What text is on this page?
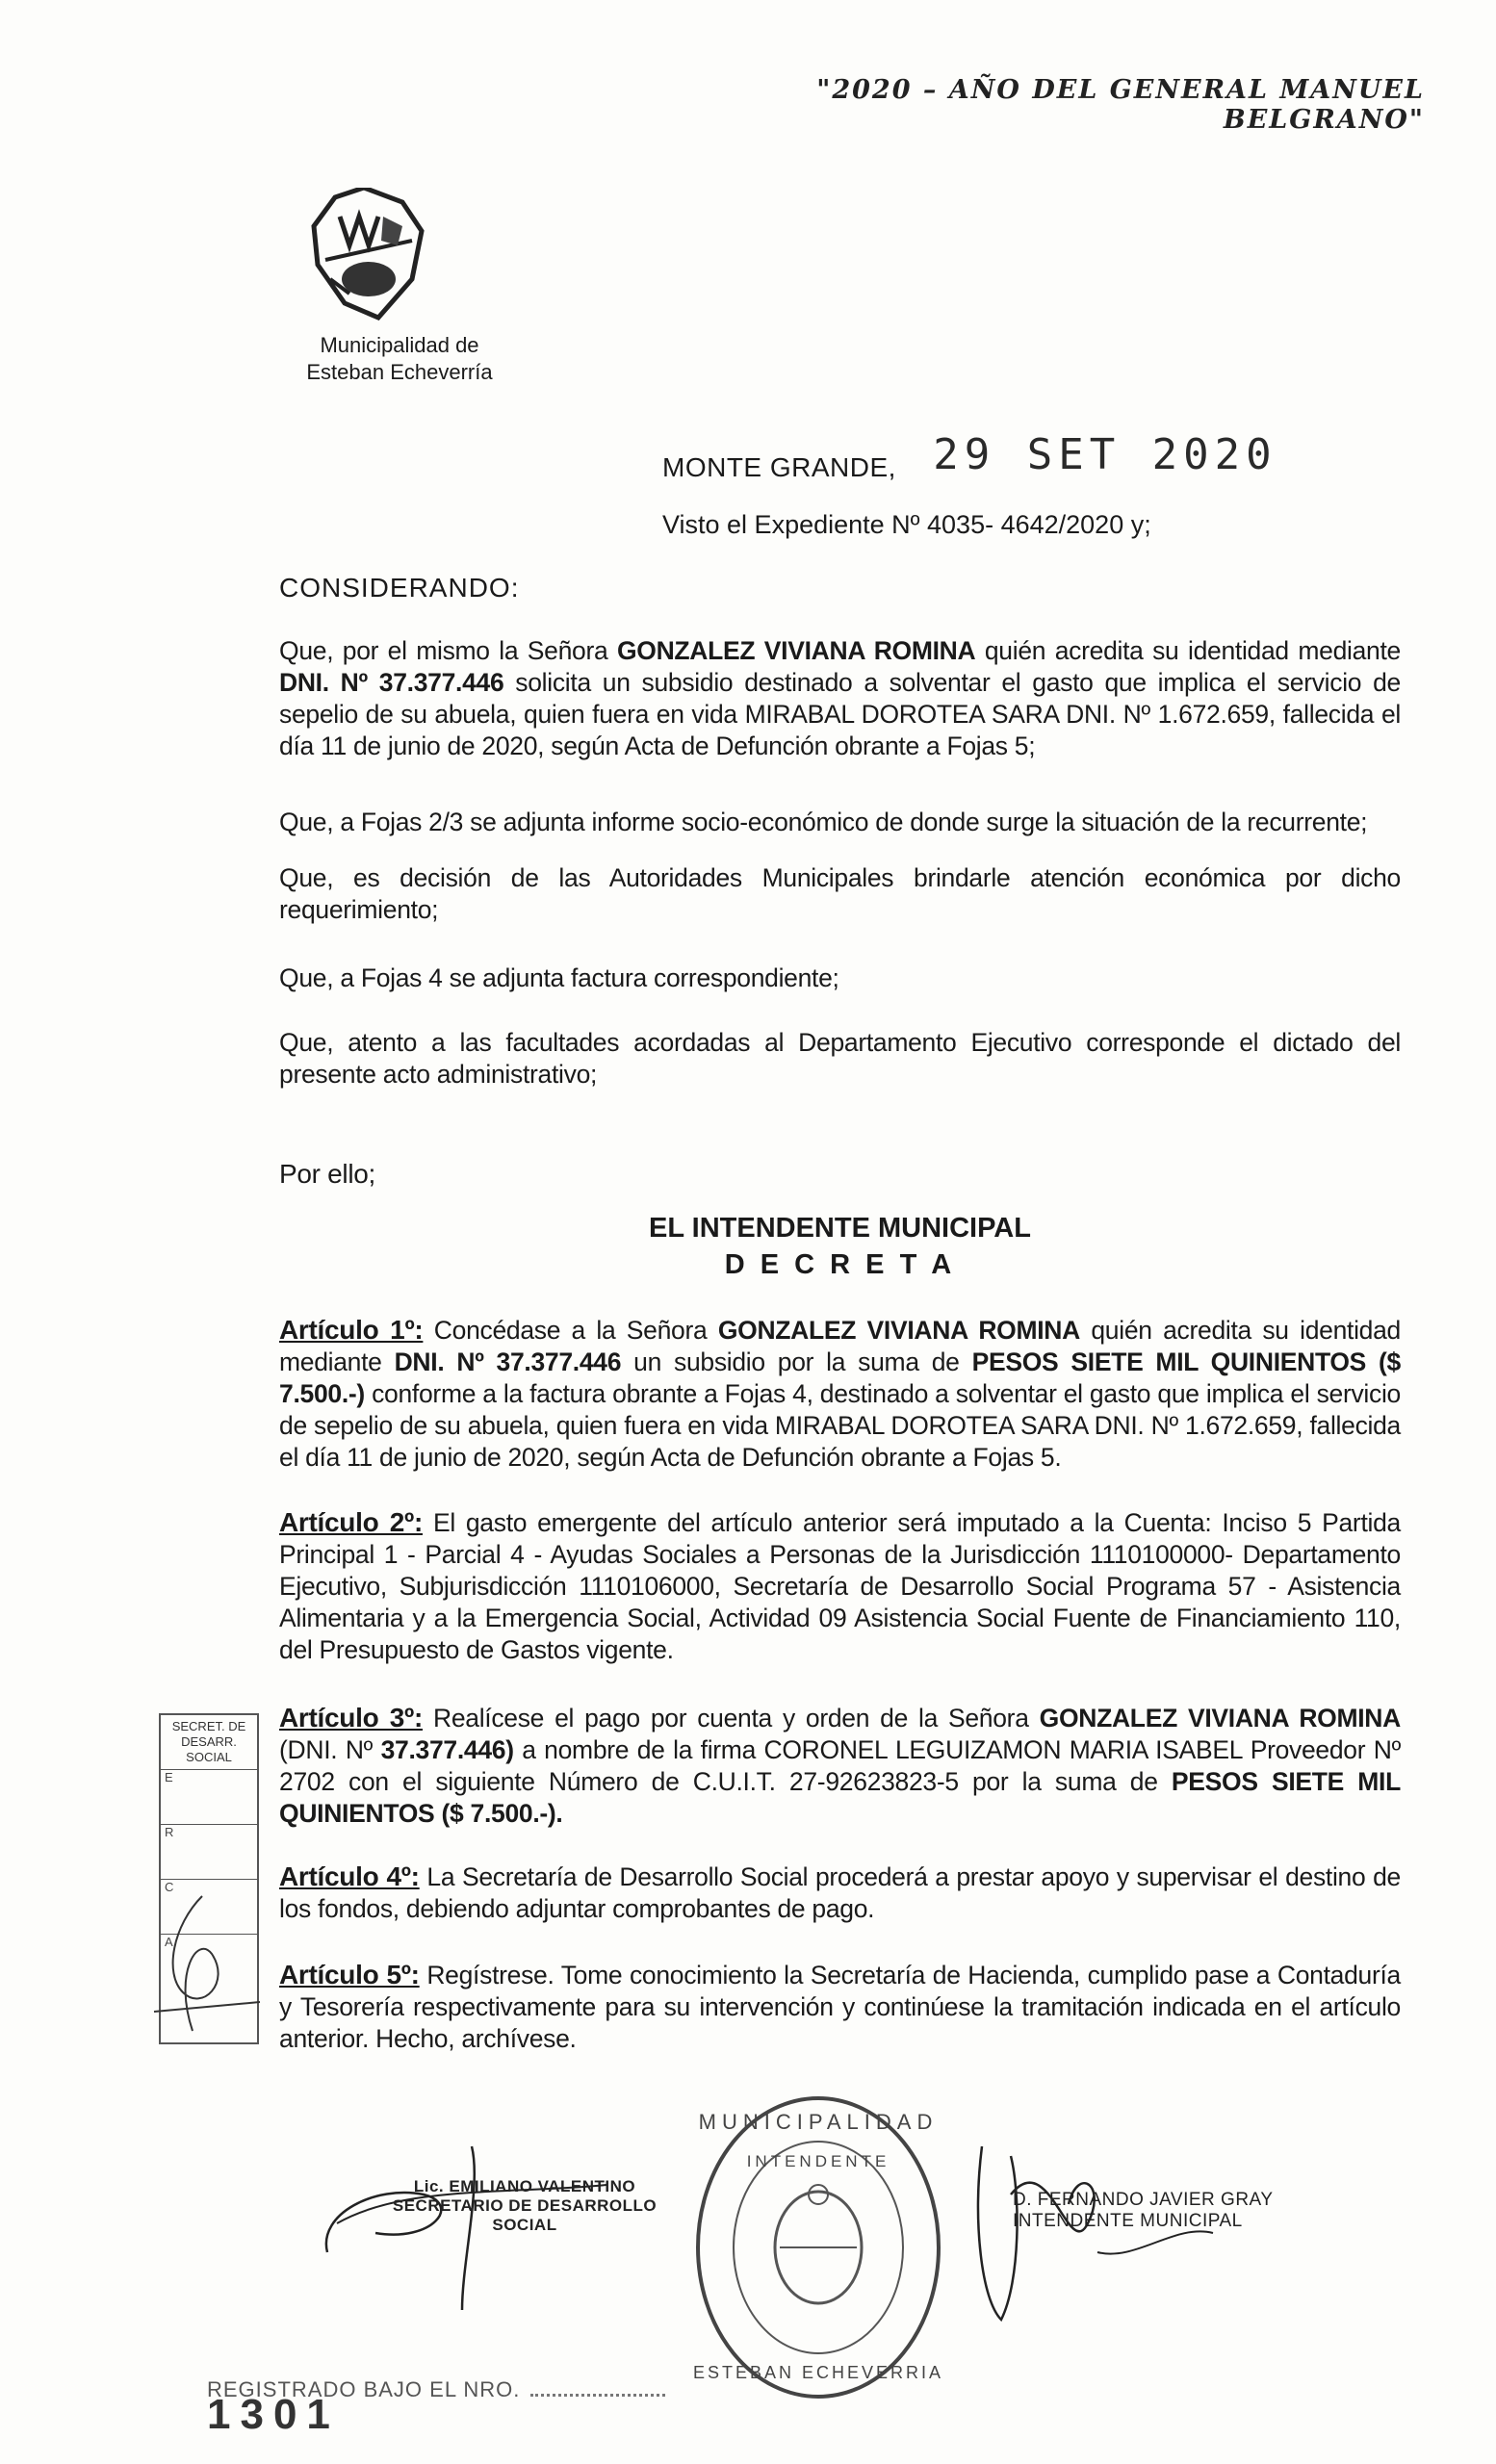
"2020 – AÑO DEL GENERAL MANUEL BELGRANO"
Municipalidad de
Esteban Echeverría
MONTE GRANDE, 29 SET 2020
Visto el Expediente Nº 4035- 4642/2020 y;
CONSIDERANDO:
Que, por el mismo la Señora GONZALEZ VIVIANA ROMINA quién acredita su identidad mediante DNI. Nº 37.377.446 solicita un subsidio destinado a solventar el gasto que implica el servicio de sepelio de su abuela, quien fuera en vida MIRABAL DOROTEA SARA DNI. Nº 1.672.659, fallecida el día 11 de junio de 2020, según Acta de Defunción obrante a Fojas 5;
Que, a Fojas 2/3 se adjunta informe socio-económico de donde surge la situación de la recurrente;
Que, es decisión de las Autoridades Municipales brindarle atención económica por dicho requerimiento;
Que, a Fojas 4 se adjunta factura correspondiente;
Que, atento a las facultades acordadas al Departamento Ejecutivo corresponde el dictado del presente acto administrativo;
Por ello;
EL INTENDENTE MUNICIPAL
D E C R E T A
Artículo 1º: Concédase a la Señora GONZALEZ VIVIANA ROMINA quién acredita su identidad mediante DNI. Nº 37.377.446 un subsidio por la suma de PESOS SIETE MIL QUINIENTOS ($ 7.500.-) conforme a la factura obrante a Fojas 4, destinado a solventar el gasto que implica el servicio de sepelio de su abuela, quien fuera en vida MIRABAL DOROTEA SARA DNI. Nº 1.672.659, fallecida el día 11 de junio de 2020, según Acta de Defunción obrante a Fojas 5.
Artículo 2º: El gasto emergente del artículo anterior será imputado a la Cuenta: Inciso 5 Partida Principal 1 - Parcial 4 - Ayudas Sociales a Personas de la Jurisdicción 1110100000- Departamento Ejecutivo, Subjurisdicción 1110106000, Secretaría de Desarrollo Social Programa 57 - Asistencia Alimentaria y a la Emergencia Social, Actividad 09 Asistencia Social Fuente de Financiamiento 110, del Presupuesto de Gastos vigente.
Artículo 3º: Realícese el pago por cuenta y orden de la Señora GONZALEZ VIVIANA ROMINA (DNI. Nº 37.377.446) a nombre de la firma CORONEL LEGUIZAMON MARIA ISABEL Proveedor Nº 2702 con el siguiente Número de C.U.I.T. 27-92623823-5 por la suma de PESOS SIETE MIL QUINIENTOS ($ 7.500.-).
Artículo 4º: La Secretaría de Desarrollo Social procederá a prestar apoyo y supervisar el destino de los fondos, debiendo adjuntar comprobantes de pago.
Artículo 5º: Regístrese. Tome conocimiento la Secretaría de Hacienda, cumplido pase a Contaduría y Tesorería respectivamente para su intervención y continúese la tramitación indicada en el artículo anterior. Hecho, archívese.
SECRET. DE DESARR. SOCIAL
E
R
C
A
Lic. EMILIANO VALENTINO
SECRETARIO DE DESARROLLO
SOCIAL
MUNICIPALIDAD
INTENDENTE
ESTEBAN ECHEVERRIA
D. FERNANDO JAVIER GRAY
INTENDENTE MUNICIPAL
REGISTRADO BAJO EL NRO.  1301
